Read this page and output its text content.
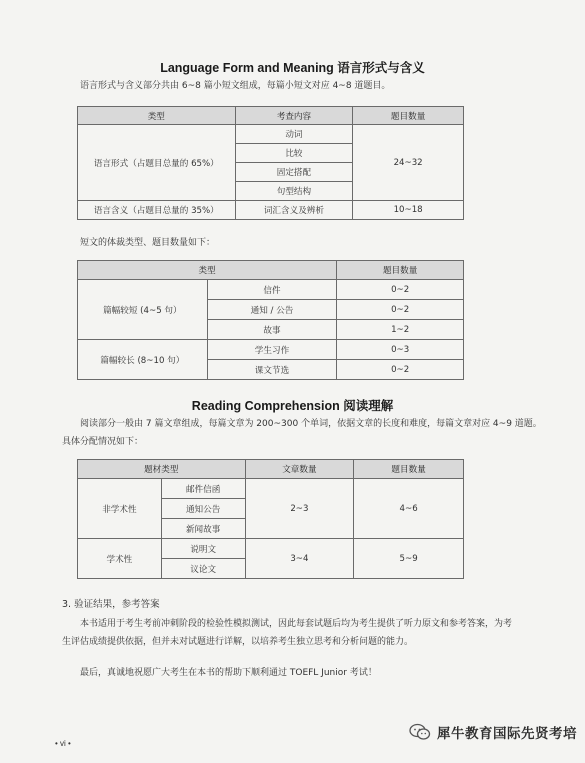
Language Form and Meaning 语言形式与含义
语言形式与含义部分共由 6~8 篇小短文组成，每篇小短文对应 4~8 道题目。
类型	考查内容	题目数量
语言形式（占题目总量的 65%）	动词	24~32
	比较	
	固定搭配	
	句型结构	
语言含义（占题目总量的 35%）	词汇含义及辨析	10~18
短文的体裁类型、题目数量如下：
类型		题目数量
篇幅较短 (4~5 句）	信件	0~2
	通知 / 公告	0~2
	故事	1~2
篇幅较长 (8~10 句）	学生习作	0~3
	课文节选	0~2
Reading Comprehension 阅读理解
阅读部分一般由 7 篇文章组成，每篇文章为 200~300 个单词，依据文章的长度和难度，每篇文章对应 4~9 道题。
具体分配情况如下：
题材类型		文章数量	题目数量
非学术性	邮件信函	2~3	4~6
	通知公告		
	新闻故事		
学术性	说明文	3~4	5~9
	议论文		
3. 验证结果，参考答案
本书适用于考生考前冲刺阶段的检验性模拟测试，因此每套试题后均为考生提供了听力原文和参考答案，为考
生评估成绩提供依据，但并未对试题进行详解，以培养考生独立思考和分析问题的能力。
最后，真诚地祝愿广大考生在本书的帮助下顺利通过 TOEFL Junior 考试！
• vi •
犀牛教育国际先贤考培
